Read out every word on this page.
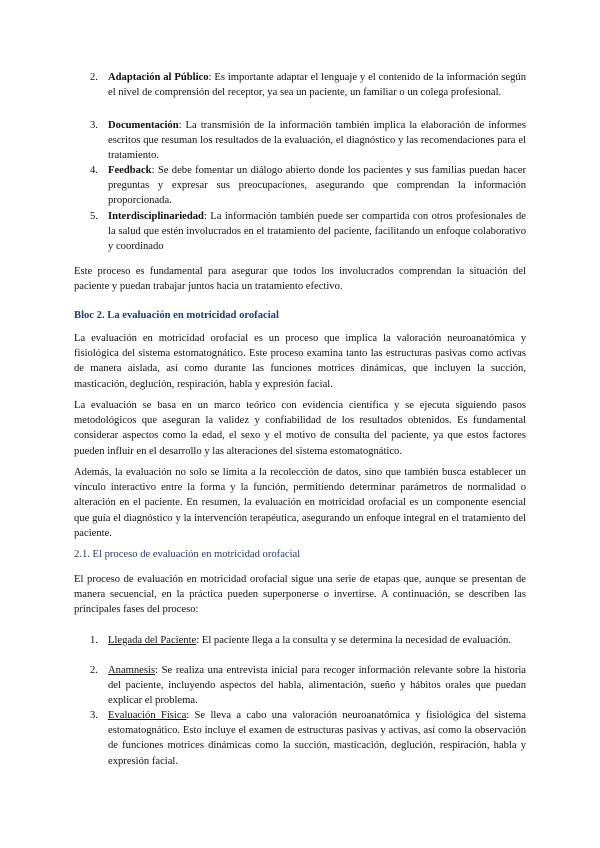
2. Adaptación al Público: Es importante adaptar el lenguaje y el contenido de la información según el nivel de comprensión del receptor, ya sea un paciente, un familiar o un colega profesional.
3. Documentación: La transmisión de la información también implica la elaboración de informes escritos que resuman los resultados de la evaluación, el diagnóstico y las recomendaciones para el tratamiento.
4. Feedback: Se debe fomentar un diálogo abierto donde los pacientes y sus familias puedan hacer preguntas y expresar sus preocupaciones, asegurando que comprendan la información proporcionada.
5. Interdisciplinariedad: La información también puede ser compartida con otros profesionales de la salud que estén involucrados en el tratamiento del paciente, facilitando un enfoque colaborativo y coordinado

Este proceso es fundamental para asegurar que todos los involucrados comprendan la situación del paciente y puedan trabajar juntos hacia un tratamiento efectivo.

Bloc 2. La evaluación en motricidad orofacial

La evaluación en motricidad orofacial es un proceso que implica la valoración neuroanatómica y fisiológica del sistema estomatognático. Este proceso examina tanto las estructuras pasivas como activas de manera aislada, así como durante las funciones motrices dinámicas, que incluyen la succión, masticación, deglución, respiración, habla y expresión facial.

La evaluación se basa en un marco teórico con evidencia científica y se ejecuta siguiendo pasos metodológicos que aseguran la validez y confiabilidad de los resultados obtenidos. Es fundamental considerar aspectos como la edad, el sexo y el motivo de consulta del paciente, ya que estos factores pueden influir en el desarrollo y las alteraciones del sistema estomatognático.

Además, la evaluación no solo se limita a la recolección de datos, sino que también busca establecer un vínculo interactivo entre la forma y la función, permitiendo determinar parámetros de normalidad o alteración en el paciente. En resumen, la evaluación en motricidad orofacial es un componente esencial que guía el diagnóstico y la intervención terapéutica, asegurando un enfoque integral en el tratamiento del paciente.

2.1. El proceso de evaluación en motricidad orofacial

El proceso de evaluación en motricidad orofacial sigue una serie de etapas que, aunque se presentan de manera secuencial, en la práctica pueden superponerse o invertirse. A continuación, se describen las principales fases del proceso:

1. Llegada del Paciente: El paciente llega a la consulta y se determina la necesidad de evaluación.
2. Anamnesis: Se realiza una entrevista inicial para recoger información relevante sobre la historia del paciente, incluyendo aspectos del habla, alimentación, sueño y hábitos orales que puedan explicar el problema.
3. Evaluación Física: Se lleva a cabo una valoración neuroanatómica y fisiológica del sistema estomatognático. Esto incluye el examen de estructuras pasivas y activas, así como la observación de funciones motrices dinámicas como la succión, masticación, deglución, respiración, habla y expresión facial.
